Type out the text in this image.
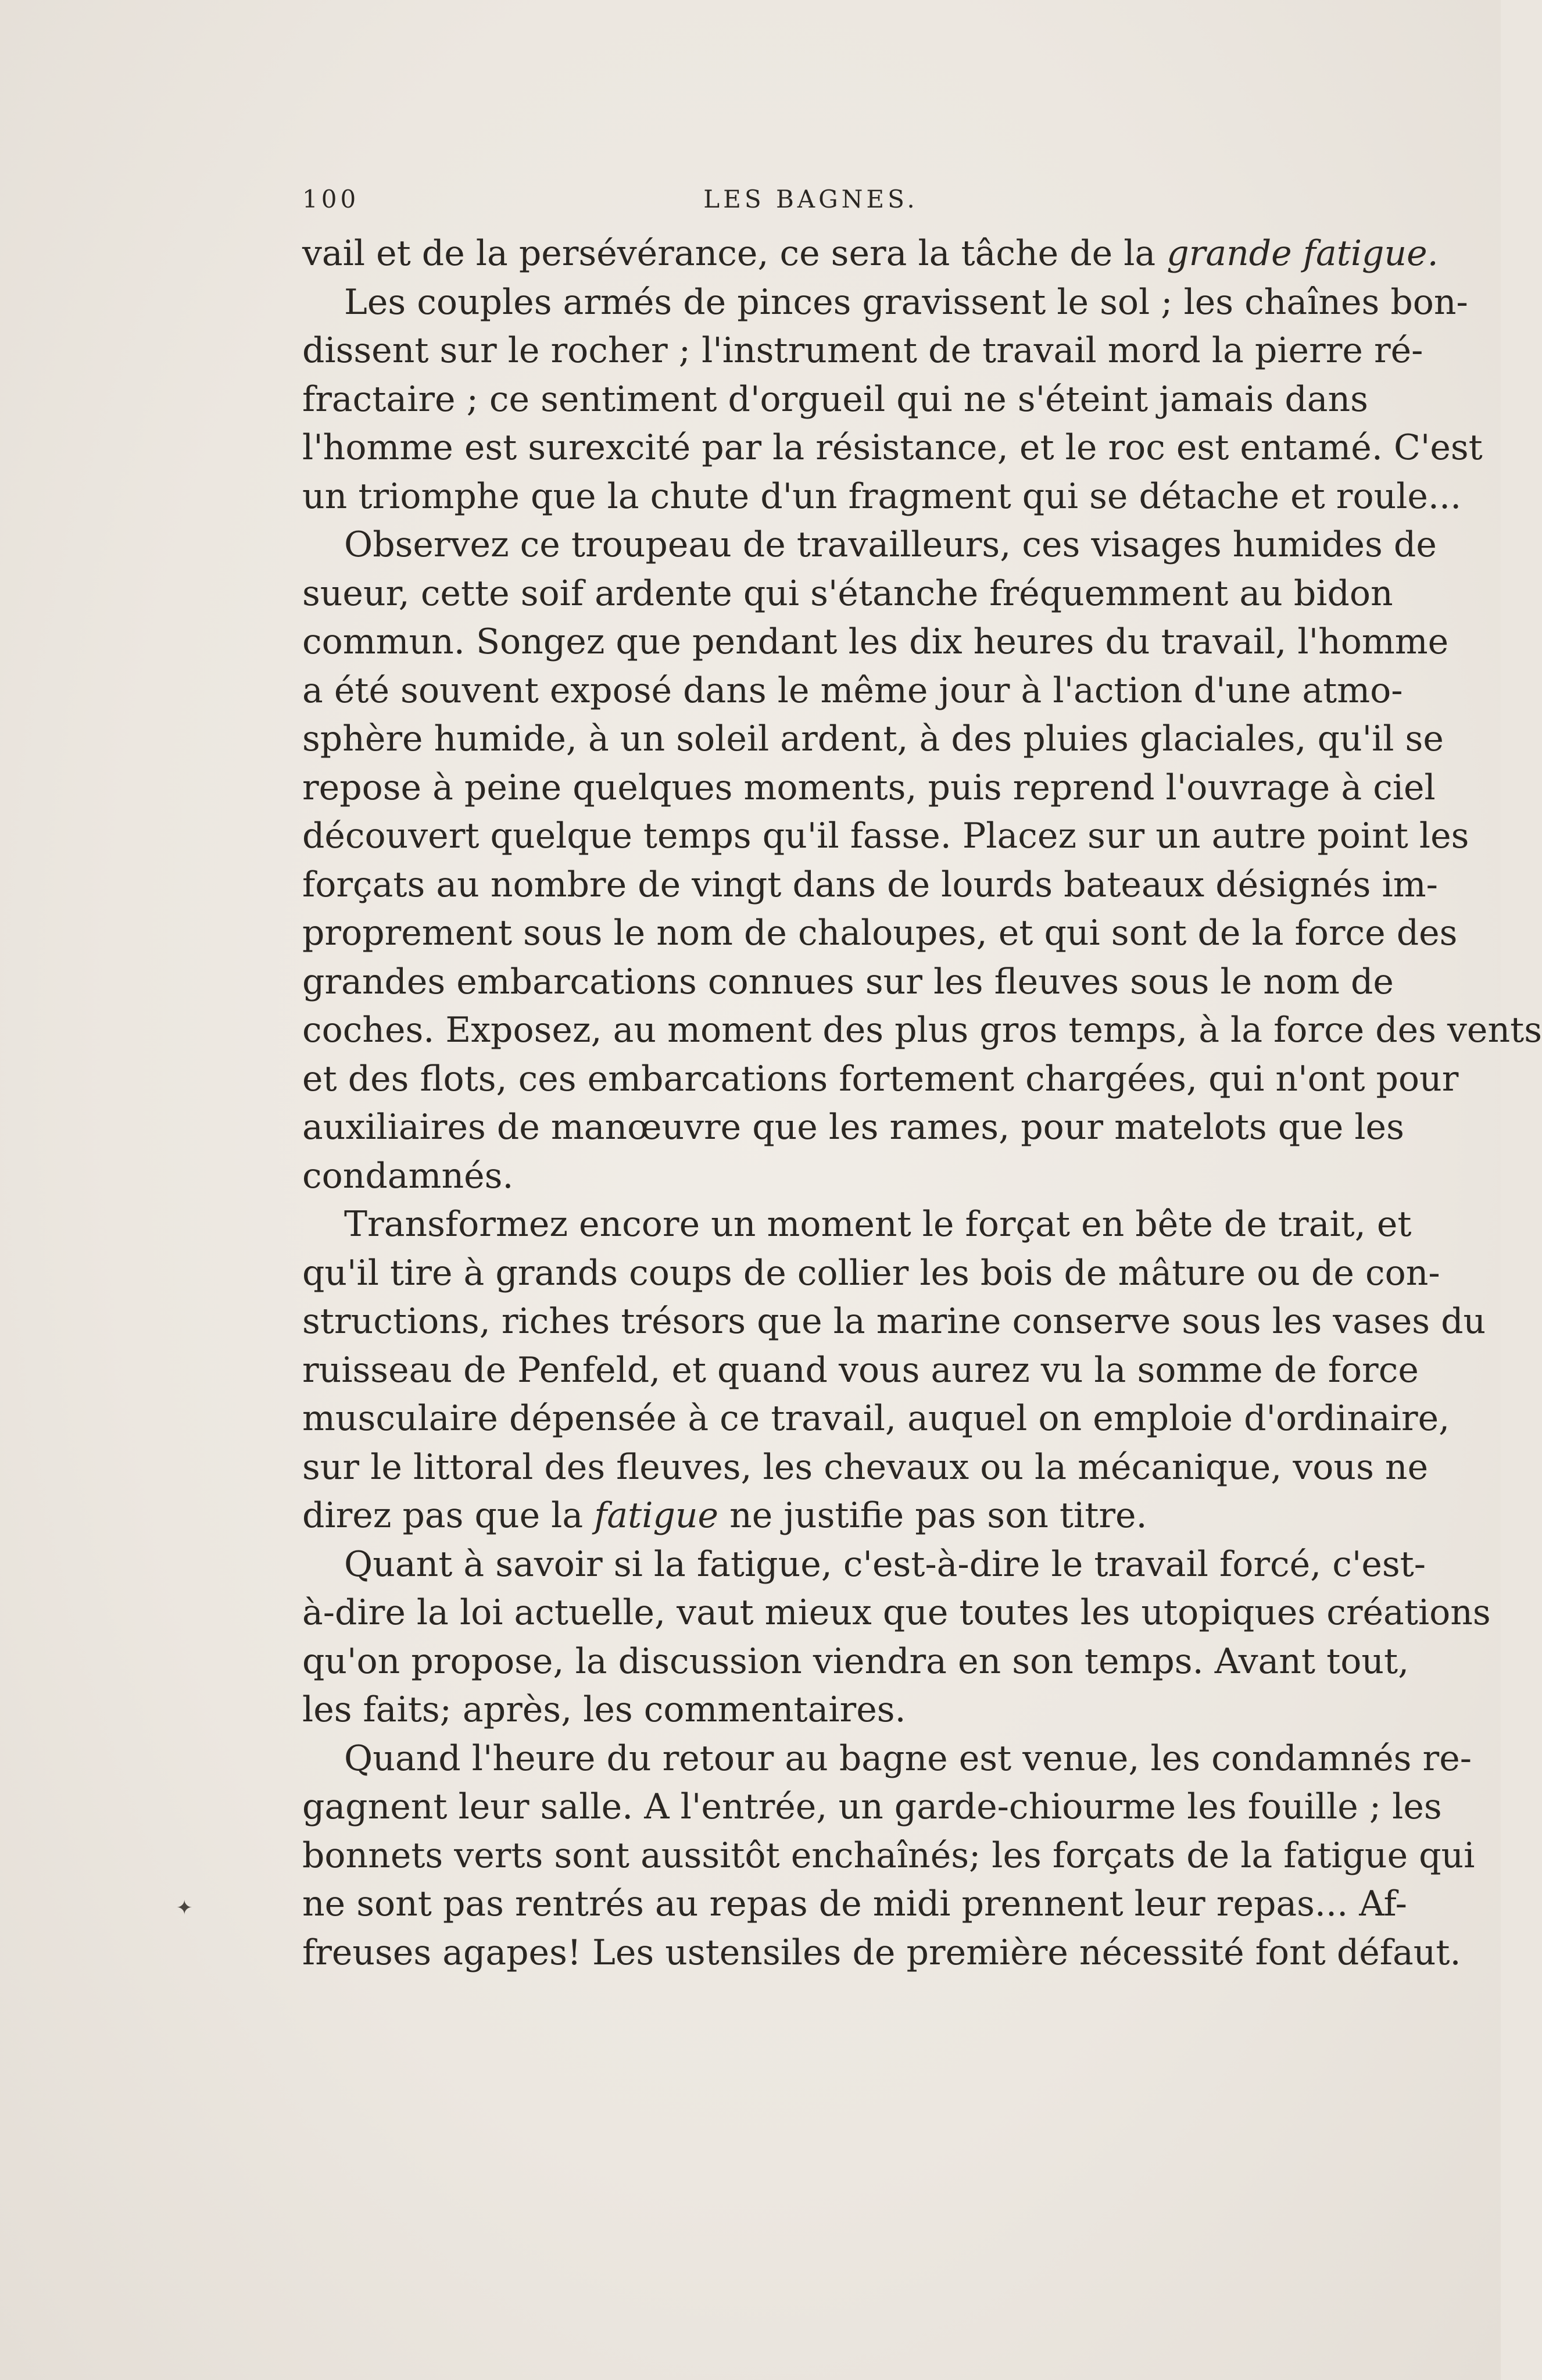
100	LES BAGNES.
✦

vail et de la persévérance, ce sera la tâche de la grande fatigue.

Les couples armés de pinces gravissent le sol ; les chaînes bon-
dissent sur le rocher ; l'instrument de travail mord la pierre ré-
fractaire ; ce sentiment d'orgueil qui ne s'éteint jamais dans
l'homme est surexcité par la résistance, et le roc est entamé. C'est
un triomphe que la chute d'un fragment qui se détache et roule...

Observez ce troupeau de travailleurs, ces visages humides de
sueur, cette soif ardente qui s'étanche fréquemment au bidon
commun. Songez que pendant les dix heures du travail, l'homme
a été souvent exposé dans le même jour à l'action d'une atmo-
sphère humide, à un soleil ardent, à des pluies glaciales, qu'il se
repose à peine quelques moments, puis reprend l'ouvrage à ciel
découvert quelque temps qu'il fasse. Placez sur un autre point les
forçats au nombre de vingt dans de lourds bateaux désignés im-
proprement sous le nom de chaloupes, et qui sont de la force des
grandes embarcations connues sur les fleuves sous le nom de
coches. Exposez, au moment des plus gros temps, à la force des vents
et des flots, ces embarcations fortement chargées, qui n'ont pour
auxiliaires de manœuvre que les rames, pour matelots que les
condamnés.

Transformez encore un moment le forçat en bête de trait, et
qu'il tire à grands coups de collier les bois de mâture ou de con-
structions, riches trésors que la marine conserve sous les vases du
ruisseau de Penfeld, et quand vous aurez vu la somme de force
musculaire dépensée à ce travail, auquel on emploie d'ordinaire,
sur le littoral des fleuves, les chevaux ou la mécanique, vous ne
direz pas que la fatigue ne justifie pas son titre.

Quant à savoir si la fatigue, c'est-à-dire le travail forcé, c'est-
à-dire la loi actuelle, vaut mieux que toutes les utopiques créations
qu'on propose, la discussion viendra en son temps. Avant tout,
les faits; après, les commentaires.

Quand l'heure du retour au bagne est venue, les condamnés re-
gagnent leur salle. A l'entrée, un garde-chiourme les fouille ; les
bonnets verts sont aussitôt enchaînés; les forçats de la fatigue qui
ne sont pas rentrés au repas de midi prennent leur repas... Af-
freuses agapes! Les ustensiles de première nécessité font défaut.
